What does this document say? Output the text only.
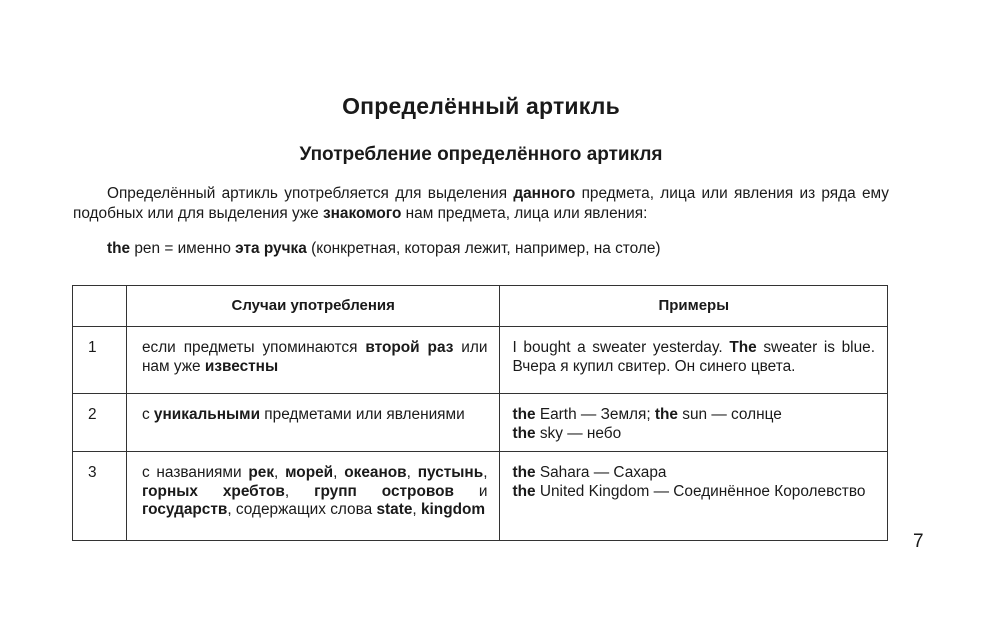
Определённый артикль
Употребление определённого артикля

Определённый артикль употребляется для выделения данного предмета, лица или явления из ряда ему подобных или для выделения уже знакомого нам предмета, лица или явления:

the pen = именно эта ручка (конкретная, которая лежит, например, на столе)

	Случаи употребления	Примеры
1	если предметы упоминаются второй раз или нам уже известны	I bought a sweater yesterday. The sweater is blue. Вчера я купил свитер. Он синего цвета.
2	с уникальными предметами или явлениями	the Earth — Земля; the sun — солнце
the sky — небо

3	с названиями рек, морей, океанов, пустынь, горных хребтов, групп островов и государств, содержащих слова state, kingdom	the Sahara — Сахара
the United Kingdom — Соединённое Королевство
7
